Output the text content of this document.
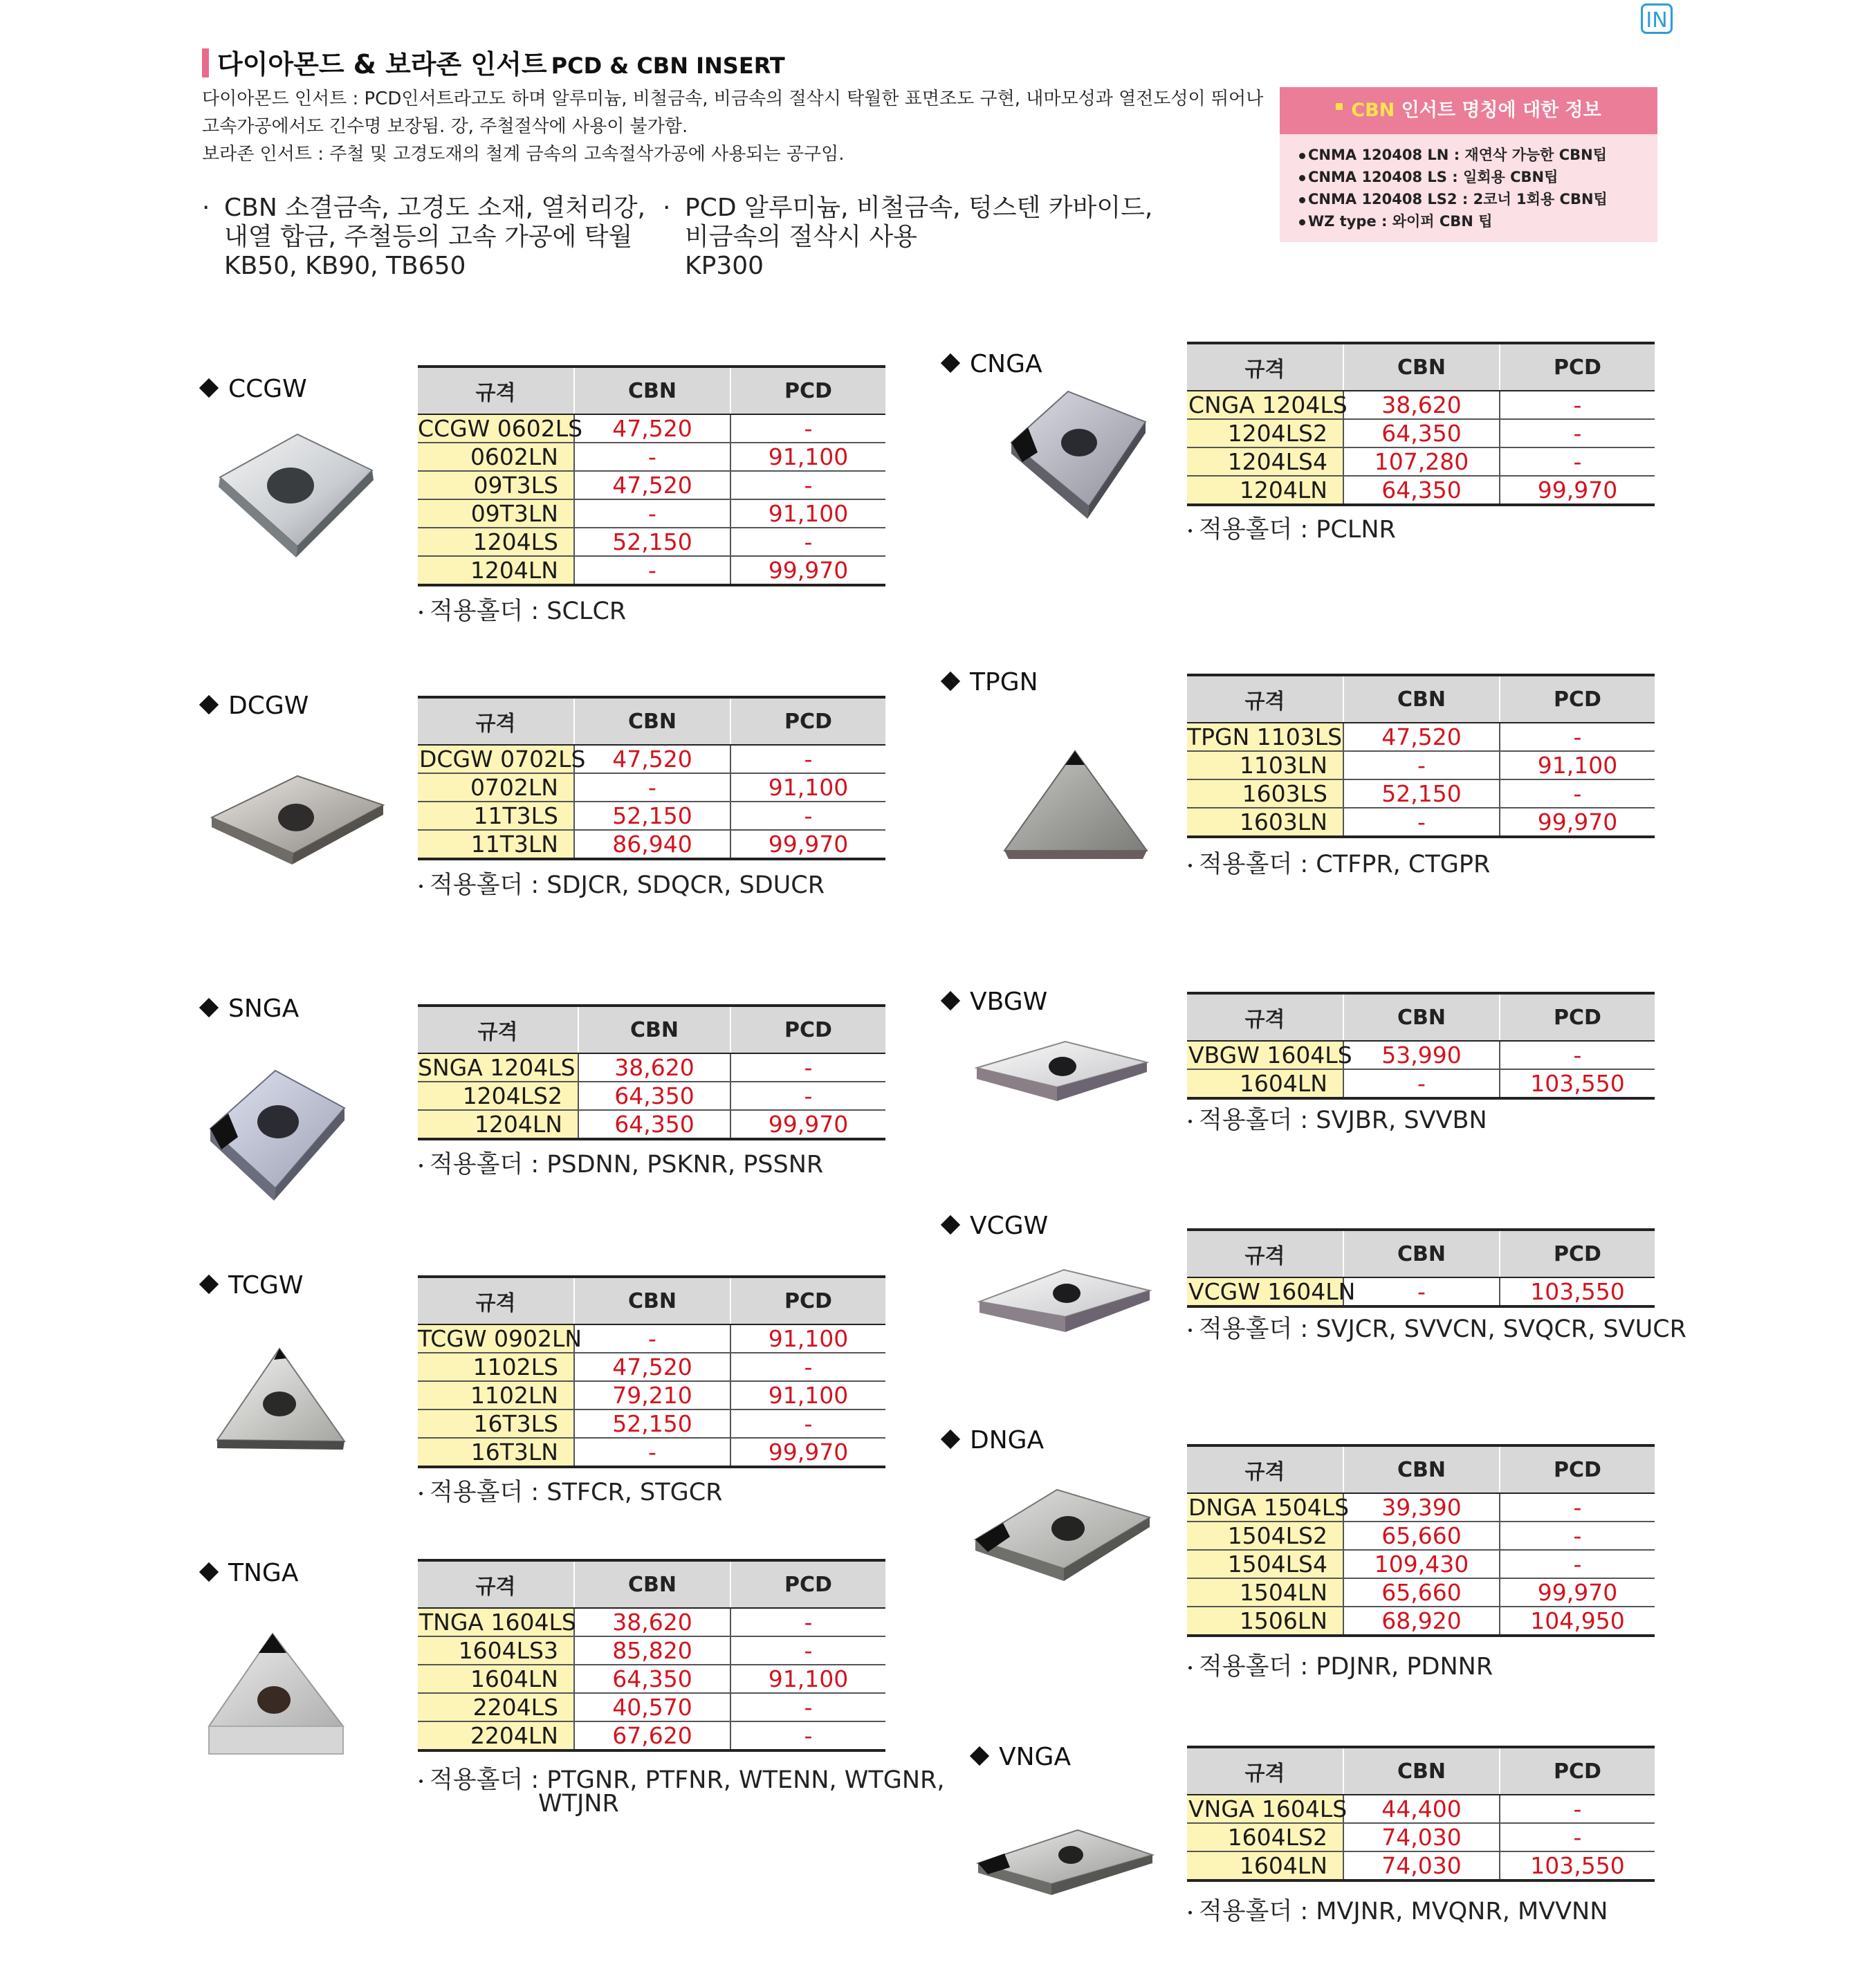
IN
다이아몬드 & 보라존 인서트 PCD & CBN INSERT
다이아몬드 인서트 : PCD인서트라고도 하며 알루미늄, 비철금속, 비금속의 절삭시 탁월한 표면조도 구현, 내마모성과 열전도성이 뛰어나
고속가공에서도 긴수명 보장됨. 강, 주철절삭에 사용이 불가함.
보라존 인서트 : 주철 및 고경도재의 철계 금속의 고속절삭가공에 사용되는 공구임.
· CBN 소결금속, 고경도 소재, 열처리강,
내열 합금, 주철등의 고속 가공에 탁월
KB50, KB90, TB650
· PCD 알루미늄, 비철금속, 텅스텐 카바이드,
비금속의 절삭시 사용
KP300
CBN 인서트 명칭에 대한 정보
CNMA 120408 LN : 재연삭 가능한 CBN팁
CNMA 120408 LS : 일회용 CBN팁
CNMA 120408 LS2 : 2코너 1회용 CBN팁
WZ type : 와이퍼 CBN 팁
CCGW	규격	CBN	PCD
CCGW 0602LS	47,520	-
0602LN	-	91,100
09T3LS	47,520	-
09T3LN	-	91,100
1204LS	52,150	-
1204LN	-	99,970
적용홀더 : SCLCR
DCGW
규격	CBN	PCD
DCGW 0702LS	47,520	-
0702LN	-	91,100
11T3LS	52,150	-
11T3LN	86,940	99,970
적용홀더 : SDJCR, SDQCR, SDUCR
SNGA
규격	CBN	PCD
SNGA 1204LS	38,620	-
1204LS2	64,350	-
1204LN	64,350	99,970
적용홀더 : PSDNN, PSKNR, PSSNR
TCGW
규격	CBN	PCD
TCGW 0902LN	-	91,100
1102LS	47,520	-
1102LN	79,210	91,100
16T3LS	52,150	-
16T3LN	-	99,970
적용홀더 : STFCR, STGCR
TNGA	규격	CBN	PCD
TNGA 1604LS	38,620	-
1604LS3	85,820	-
1604LN	64,350	91,100
2204LS	40,570	-
2204LN	67,620	-
적용홀더 : PTGNR, PTFNR, WTENN, WTGNR,
WTJNR
CNGA	규격	CBN	PCD
CNGA 1204LS	38,620	-
1204LS2	64,350	-
1204LS4	107,280	-
1204LN	64,350	99,970
적용홀더 : PCLNR
TPGN
규격	CBN	PCD
TPGN 1103LS	47,520	-
1103LN	-	91,100
1603LS	52,150	-
1603LN	-	99,970
적용홀더 : CTFPR, CTGPR
VBGW
규격	CBN	PCD
VBGW 1604LS	53,990	-
1604LN	-	103,550
적용홀더 : SVJBR, SVVBN
VCGW
규격	CBN	PCD
VCGW 1604LN	-	103,550
적용홀더 : SVJCR, SVVCN, SVQCR, SVUCR
DNGA
규격	CBN	PCD
DNGA 1504LS	39,390	-
1504LS2	65,660	-
1504LS4	109,430	-
1504LN	65,660	99,970
1506LN	68,920	104,950
적용홀더 : PDJNR, PDNNR
VNGA
규격	CBN	PCD
VNGA 1604LS	44,400	-
1604LS2	74,030	-
1604LN	74,030	103,550
적용홀더 : MVJNR, MVQNR, MVVNN
